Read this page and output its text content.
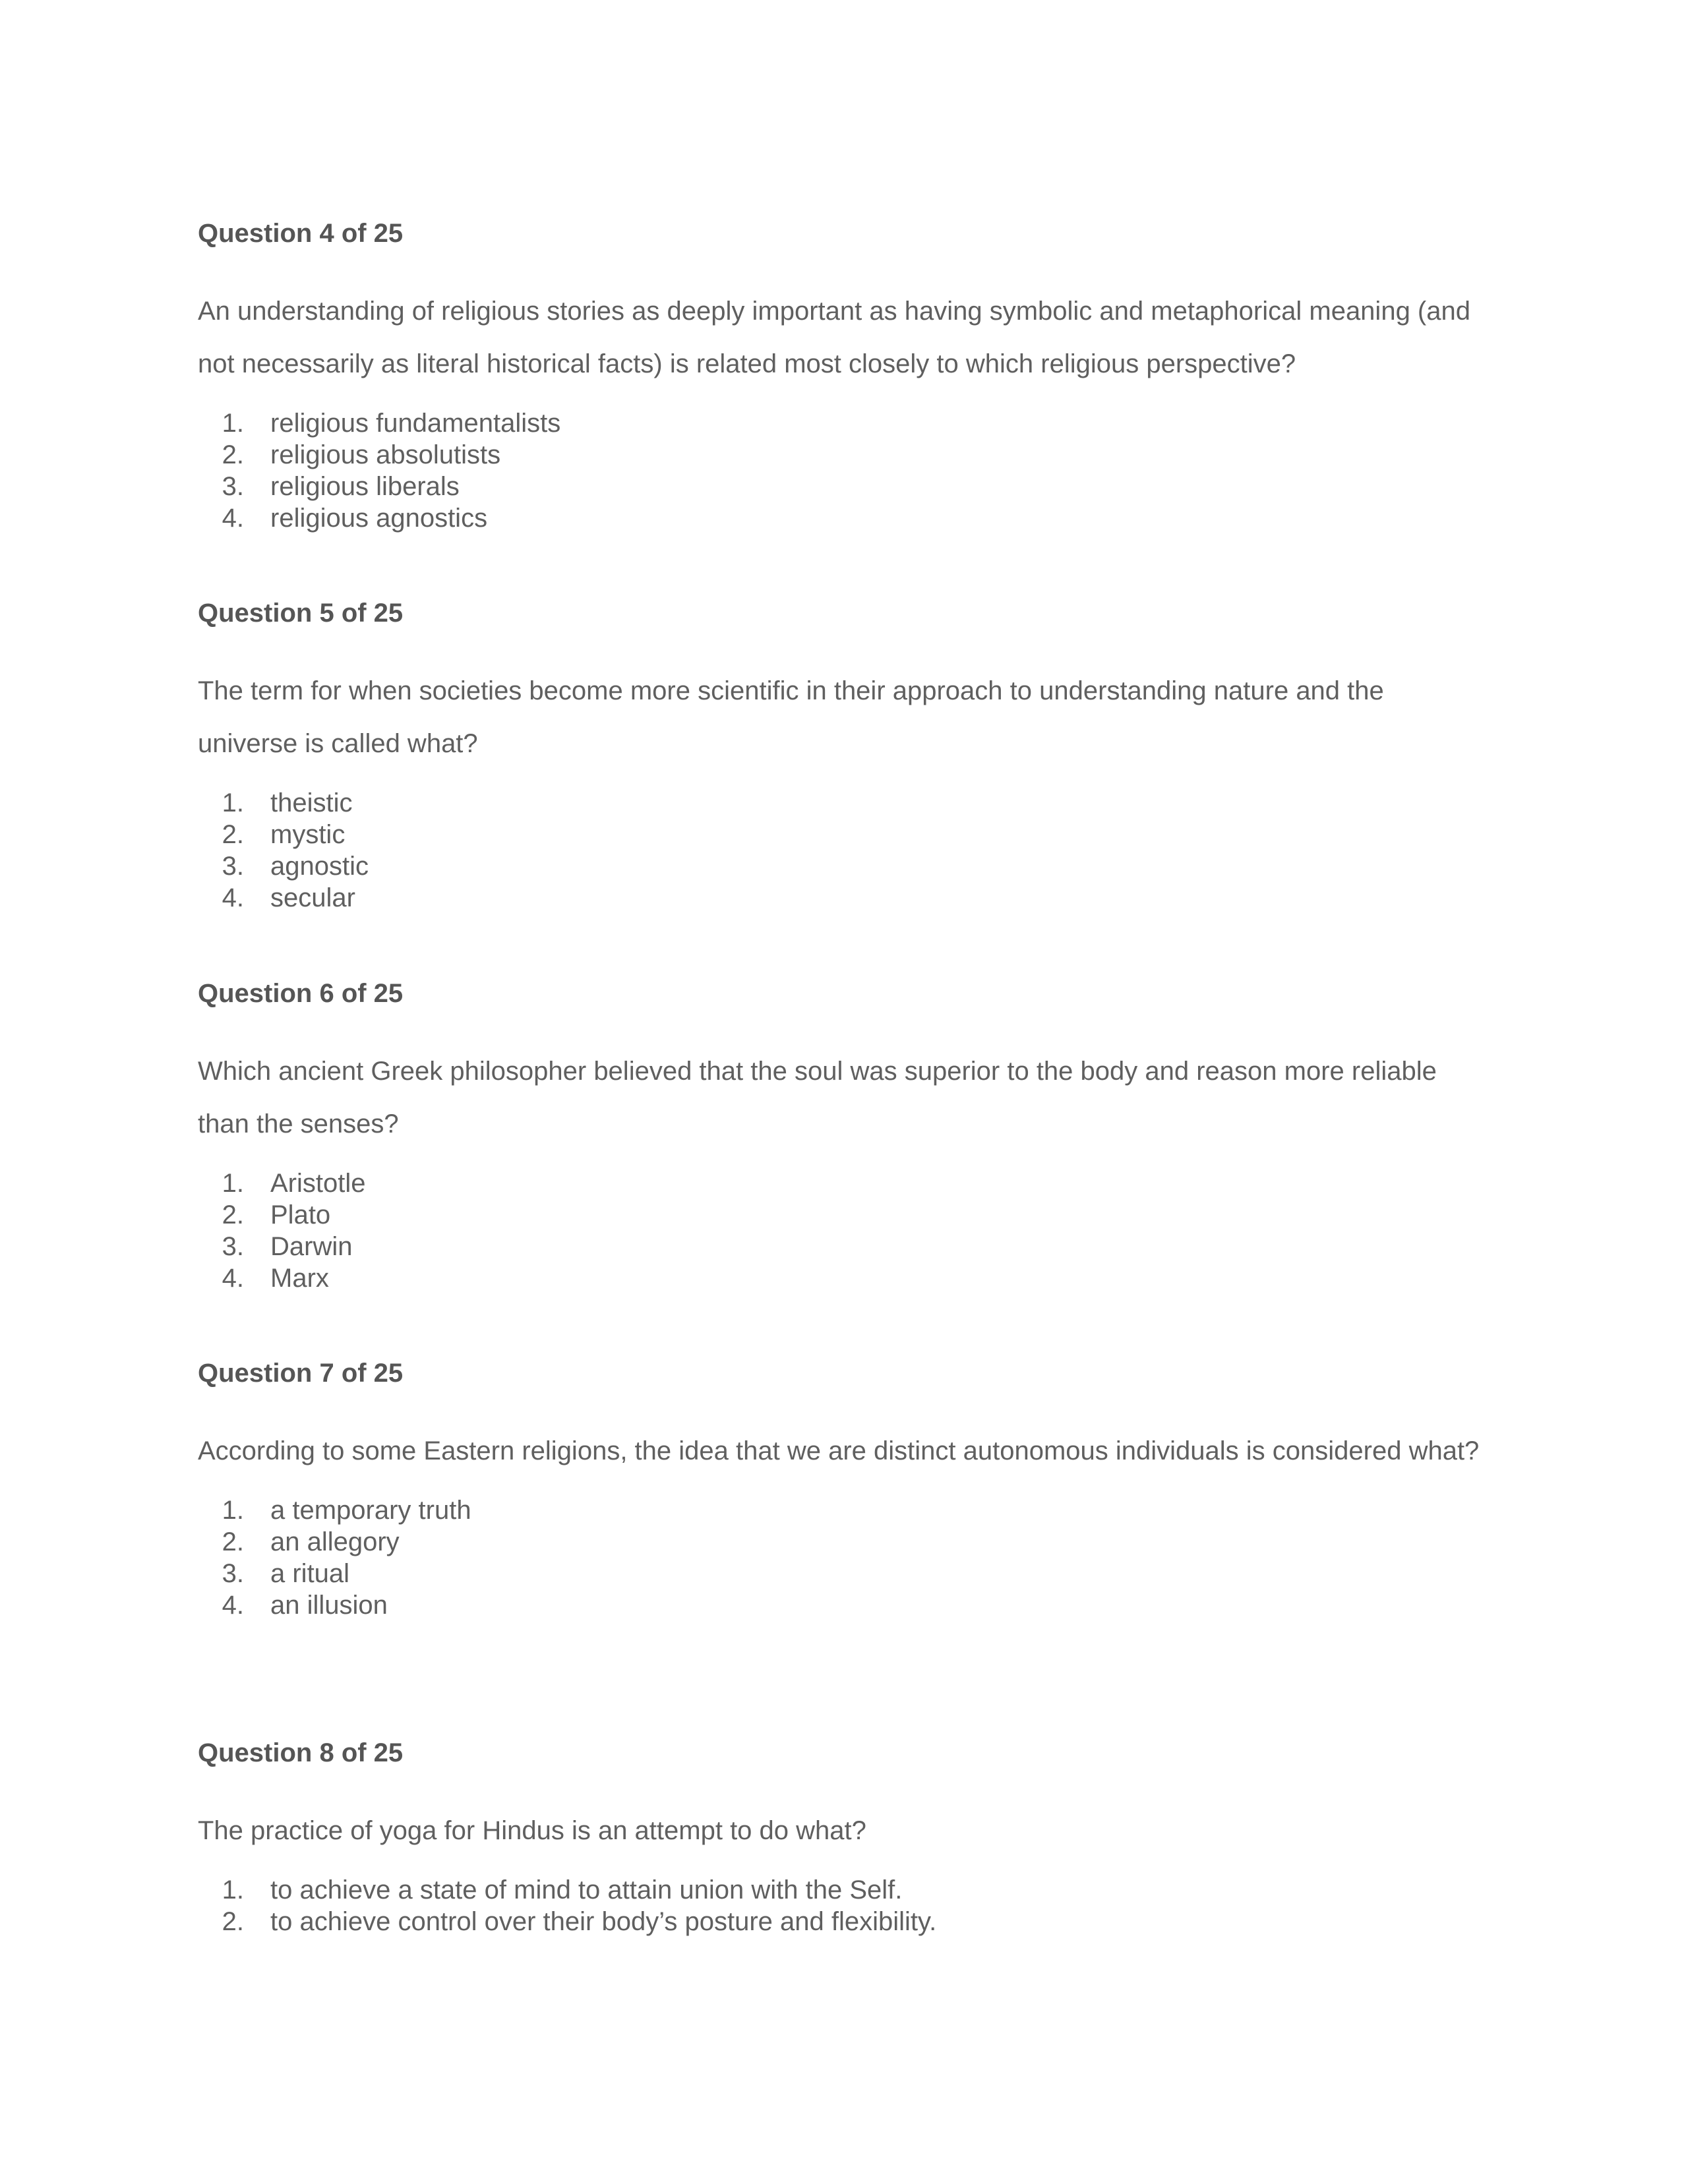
Question 4 of 25

An understanding of religious stories as deeply important as having symbolic and metaphorical meaning (and not necessarily as literal historical facts) is related most closely to which religious perspective?

1.	religious fundamentalists
2.	religious absolutists
3.	religious liberals
4.	religious agnostics
Question 5 of 25

The term for when societies become more scientific in their approach to understanding nature and the universe is called what?

1.	theistic
2.	mystic
3.	agnostic
4.	secular
Question 6 of 25

Which ancient Greek philosopher believed that the soul was superior to the body and reason more reliable than the senses?

1.	Aristotle
2.	Plato
3.	Darwin
4.	Marx
Question 7 of 25

According to some Eastern religions, the idea that we are distinct autonomous individuals is considered what?

1.	a temporary truth
2.	an allegory
3.	a ritual
4.	an illusion
Question 8 of 25

The practice of yoga for Hindus is an attempt to do what?

1.	to achieve a state of mind to attain union with the Self.
2.	to achieve control over their body’s posture and flexibility.
